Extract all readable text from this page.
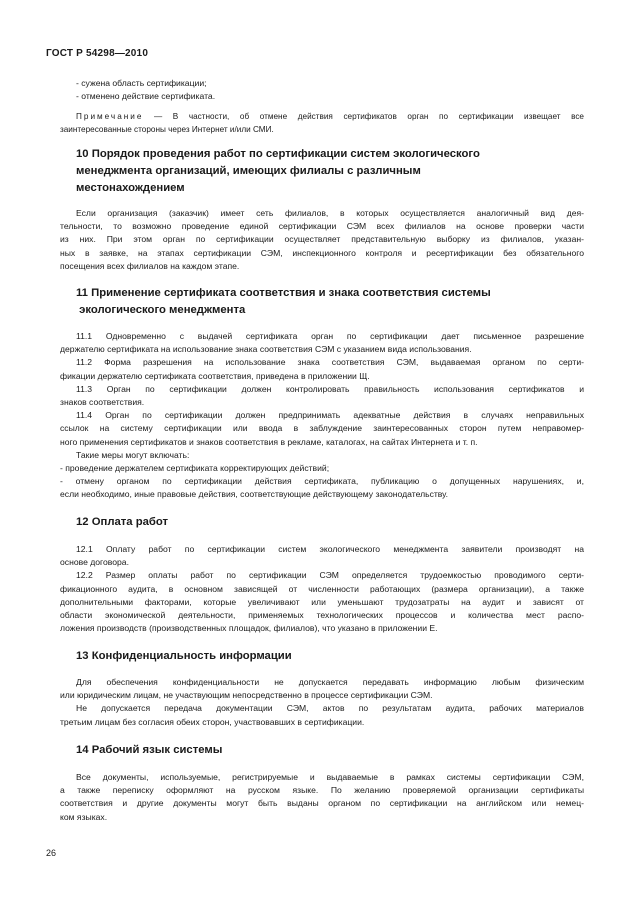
ГОСТ Р 54298—2010
- сужена область сертификации;
- отменено действие сертификата.
Примечание — В частности, об отмене действия сертификатов орган по сертификации извещает все
заинтересованные стороны через Интернет и/или СМИ.
10 Порядок проведения работ по сертификации систем экологического
менеджмента организаций, имеющих филиалы с различным
местонахождением
Если организация (заказчик) имеет сеть филиалов, в которых осуществляется аналогичный вид дея-
тельности, то возможно проведение единой сертификации СЭМ всех филиалов на основе проверки части
из них. При этом орган по сертификации осуществляет представительную выборку из филиалов, указан-
ных в заявке, на этапах сертификации СЭМ, инспекционного контроля и ресертификации без обязательного
посещения всех филиалов на каждом этапе.
11 Применение сертификата соответствия и знака соответствия системы
экологического менеджмента
11.1 Одновременно с выдачей сертификата орган по сертификации дает письменное разрешение
держателю сертификата на использование знака соответствия СЭМ с указанием вида использования.
11.2 Форма разрешения на использование знака соответствия СЭМ, выдаваемая органом по серти-
фикации держателю сертификата соответствия, приведена в приложении Щ.
11.3 Орган по сертификации должен контролировать правильность использования сертификатов и
знаков соответствия.
11.4 Орган по сертификации должен предпринимать адекватные действия в случаях неправильных
ссылок на систему сертификации или ввода в заблуждение заинтересованных сторон путем неправомер-
ного применения сертификатов и знаков соответствия в рекламе, каталогах, на сайтах Интернета и т. п.
Такие меры могут включать:
- проведение держателем сертификата корректирующих действий;
- отмену органом по сертификации действия сертификата, публикацию о допущенных нарушениях, и,
если необходимо, иные правовые действия, соответствующие действующему законодательству.
12 Оплата работ
12.1 Оплату работ по сертификации систем экологического менеджмента заявители производят на
основе договора.
12.2 Размер оплаты работ по сертификации СЭМ определяется трудоемкостью проводимого серти-
фикационного аудита, в основном зависящей от численности работающих (размера организации), а также
дополнительными факторами, которые увеличивают или уменьшают трудозатраты на аудит и зависят от
области экономической деятельности, применяемых технологических процессов и количества мест распо-
ложения производств (производственных площадок, филиалов), что указано в приложении Е.
13 Конфиденциальность информации
Для обеспечения конфиденциальности не допускается передавать информацию любым физическим
или юридическим лицам, не участвующим непосредственно в процессе сертификации СЭМ.
Не допускается передача документации СЭМ, актов по результатам аудита, рабочих материалов
третьим лицам без согласия обеих сторон, участвовавших в сертификации.
14 Рабочий язык системы
Все документы, используемые, регистрируемые и выдаваемые в рамках системы сертификации СЭМ,
а также переписку оформляют на русском языке. По желанию проверяемой организации сертификаты
соответствия и другие документы могут быть выданы органом по сертификации на английском или немец-
ком языках.
26
